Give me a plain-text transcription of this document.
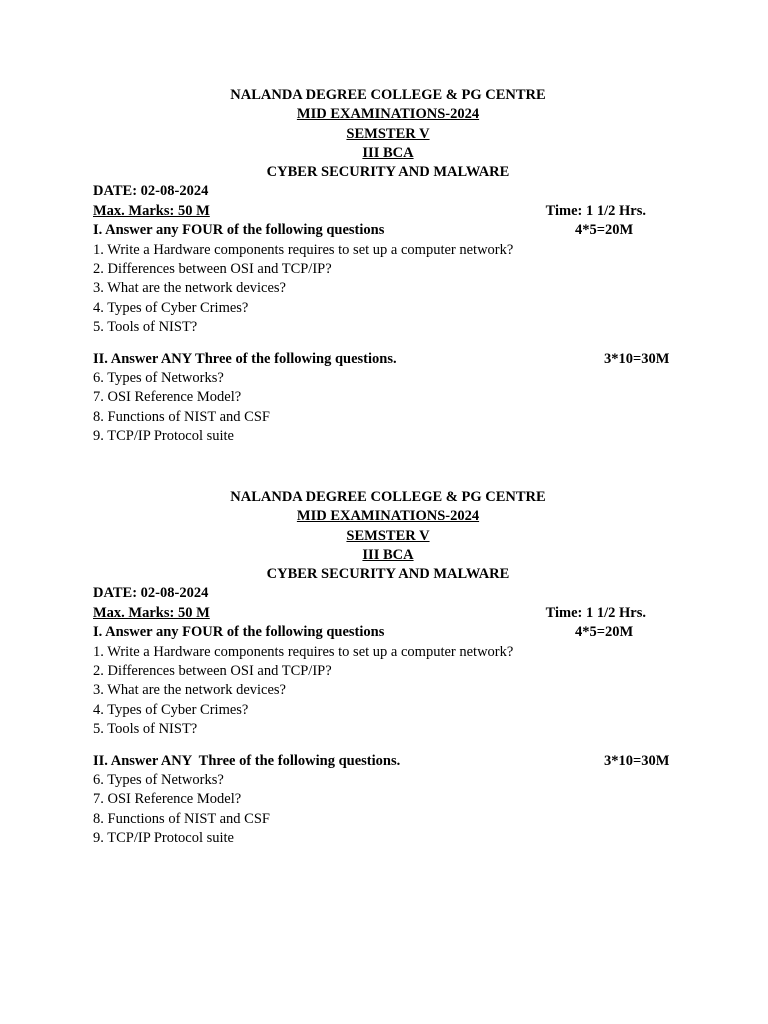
NALANDA DEGREE COLLEGE & PG CENTRE
MID EXAMINATIONS-2024
SEMSTER V
III BCA
CYBER SECURITY AND MALWARE
DATE: 02-08-2024
Max. Marks: 50 M	Time: 1 1/2 Hrs.
I. Answer any FOUR of the following questions	4*5=20M
1. Write a Hardware components requires to set up a computer network?
2. Differences between OSI and TCP/IP?
3. What are the network devices?
4. Types of Cyber Crimes?
5. Tools of NIST?
II. Answer ANY Three of the following questions.	3*10=30M
6. Types of Networks?
7. OSI Reference Model?
8. Functions of NIST and CSF
9. TCP/IP Protocol suite
NALANDA DEGREE COLLEGE & PG CENTRE
MID EXAMINATIONS-2024
SEMSTER V
III BCA
CYBER SECURITY AND MALWARE
DATE: 02-08-2024
Max. Marks: 50 M	Time: 1 1/2 Hrs.
I. Answer any FOUR of the following questions	4*5=20M
1. Write a Hardware components requires to set up a computer network?
2. Differences between OSI and TCP/IP?
3. What are the network devices?
4. Types of Cyber Crimes?
5. Tools of NIST?
II. Answer ANY  Three of the following questions.	3*10=30M
6. Types of Networks?
7. OSI Reference Model?
8. Functions of NIST and CSF
9. TCP/IP Protocol suite
